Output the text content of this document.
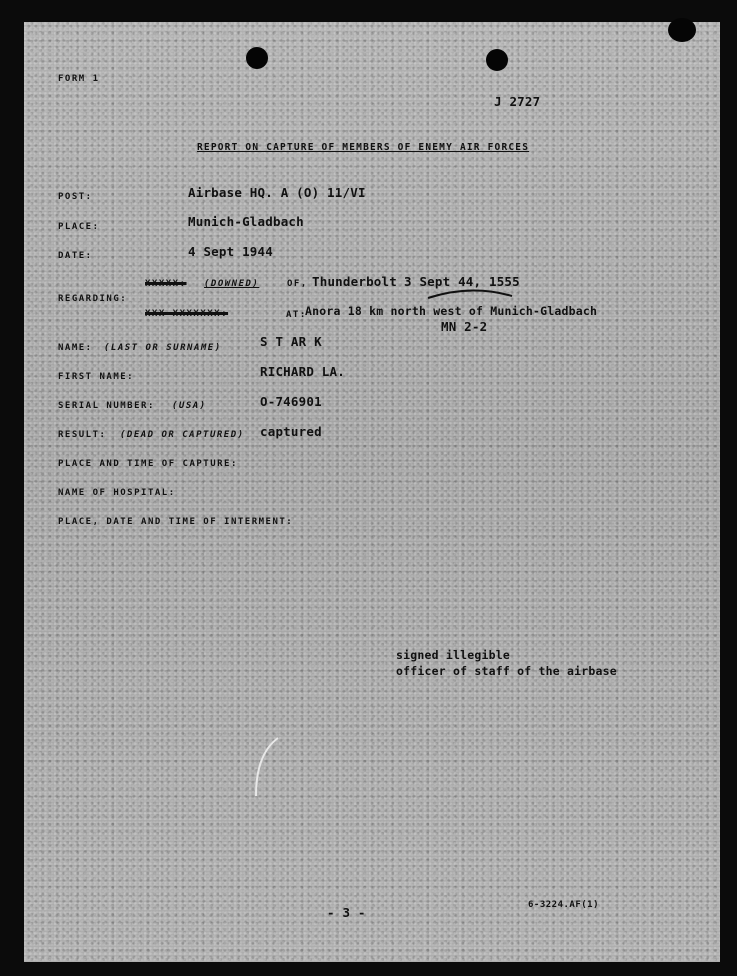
FORM 1
J 2727
REPORT ON CAPTURE OF MEMBERS OF ENEMY AIR FORCES
POST:	Airbase HQ. A (O) 11/VI
PLACE:	Munich-Gladbach
DATE:	4 Sept 1944
REGARDING:
XXXXX: (DOWNED)	OF, Thunderbolt 3 Sept 44, 1555
XXX XXXXXXX:	AT:
Anora 18 km north west of Munich-Gladbach
MN 2-2
NAME: (LAST OR SURNAME)	S T AR K
FIRST NAME:	RICHARD LA.
SERIAL NUMBER: (USA)	O-746901
RESULT: (DEAD OR CAPTURED) captured
PLACE AND TIME OF CAPTURE:
NAME OF HOSPITAL:
PLACE, DATE AND TIME OF INTERMENT:
signed illegible
officer of staff of the airbase
- 3 -	6-3224.AF(1)
